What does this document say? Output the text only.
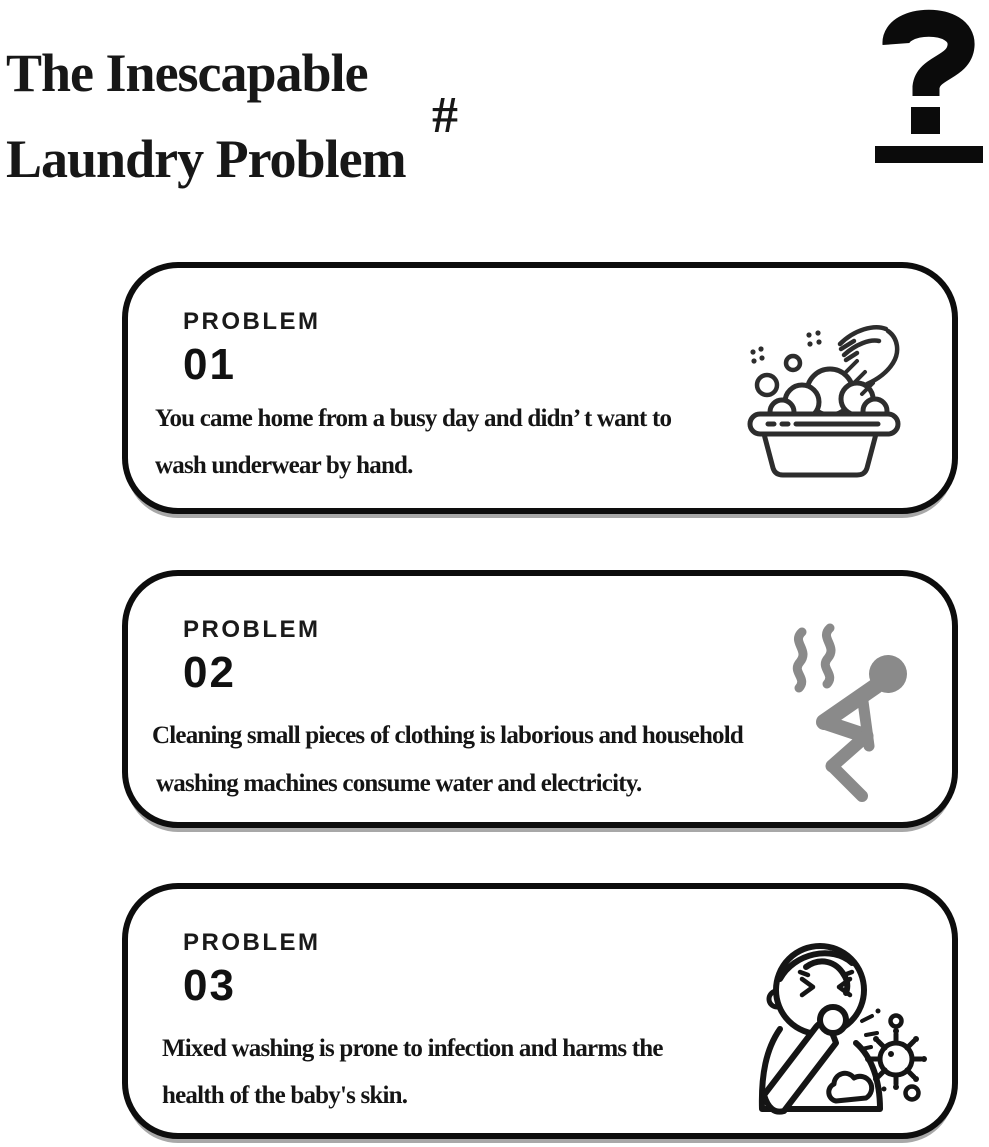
The Inescapable
Laundry Problem
#
PROBLEM
01
You came home from a busy day and didn’ t want to
wash underwear by hand.
PROBLEM
02
Cleaning small pieces of clothing is laborious and household
washing machines consume water and electricity.
PROBLEM
03
Mixed washing is prone to infection and harms the
health of the baby's skin.
